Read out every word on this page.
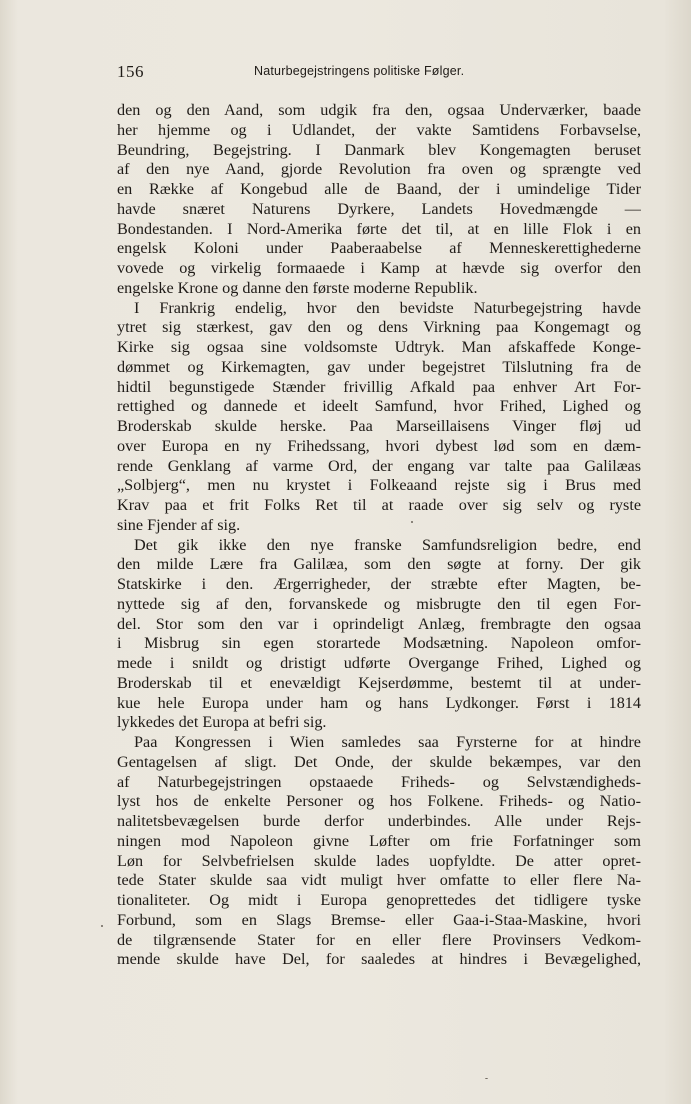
156	Naturbegejstringens politiske Følger.
den og den Aand, som udgik fra den, ogsaa Underværker, baade
her hjemme og i Udlandet, der vakte Samtidens Forbavselse,
Beundring, Begejstring. I Danmark blev Kongemagten beruset
af den nye Aand, gjorde Revolution fra oven og sprængte ved
en Række af Kongebud alle de Baand, der i umindelige Tider
havde snæret Naturens Dyrkere, Landets Hovedmængde —
Bondestanden. I Nord-Amerika førte det til, at en lille Flok i en
engelsk Koloni under Paaberaabelse af Menneskerettighederne
vovede og virkelig formaaede i Kamp at hævde sig overfor den
engelske Krone og danne den første moderne Republik.
I Frankrig endelig, hvor den bevidste Naturbegejstring havde
ytret sig stærkest, gav den og dens Virkning paa Kongemagt og
Kirke sig ogsaa sine voldsomste Udtryk. Man afskaffede Konge-
dømmet og Kirkemagten, gav under begejstret Tilslutning fra de
hidtil begunstigede Stænder frivillig Afkald paa enhver Art For-
rettighed og dannede et ideelt Samfund, hvor Frihed, Lighed og
Broderskab skulde herske. Paa Marseillaisens Vinger fløj ud
over Europa en ny Frihedssang, hvori dybest lød som en dæm-
rende Genklang af varme Ord, der engang var talte paa Galilæas
„Solbjerg“, men nu krystet i Folkeaand rejste sig i Brus med
Krav paa et frit Folks Ret til at raade over sig selv og ryste
sine Fjender af sig.
Det gik ikke den nye franske Samfundsreligion bedre, end
den milde Lære fra Galilæa, som den søgte at forny. Der gik
Statskirke i den. Ærgerrigheder, der stræbte efter Magten, be-
nyttede sig af den, forvanskede og misbrugte den til egen For-
del. Stor som den var i oprindeligt Anlæg, frembragte den ogsaa
i Misbrug sin egen storartede Modsætning. Napoleon omfor-
mede i snildt og dristigt udførte Overgange Frihed, Lighed og
Broderskab til et enevældigt Kejserdømme, bestemt til at under-
kue hele Europa under ham og hans Lydkonger. Først i 1814
lykkedes det Europa at befri sig.
Paa Kongressen i Wien samledes saa Fyrsterne for at hindre
Gentagelsen af sligt. Det Onde, der skulde bekæmpes, var den
af Naturbegejstringen opstaaede Friheds- og Selvstændigheds-
lyst hos de enkelte Personer og hos Folkene. Friheds- og Natio-
nalitetsbevægelsen burde derfor underbindes. Alle under Rejs-
ningen mod Napoleon givne Løfter om frie Forfatninger som
Løn for Selvbefrielsen skulde lades uopfyldte. De atter opret-
tede Stater skulde saa vidt muligt hver omfatte to eller flere Na-
tionaliteter. Og midt i Europa genoprettedes det tidligere tyske
Forbund, som en Slags Bremse- eller Gaa-i-Staa-Maskine, hvori
de tilgrænsende Stater for en eller flere Provinsers Vedkom-
mende skulde have Del, for saaledes at hindres i Bevægelighed,
